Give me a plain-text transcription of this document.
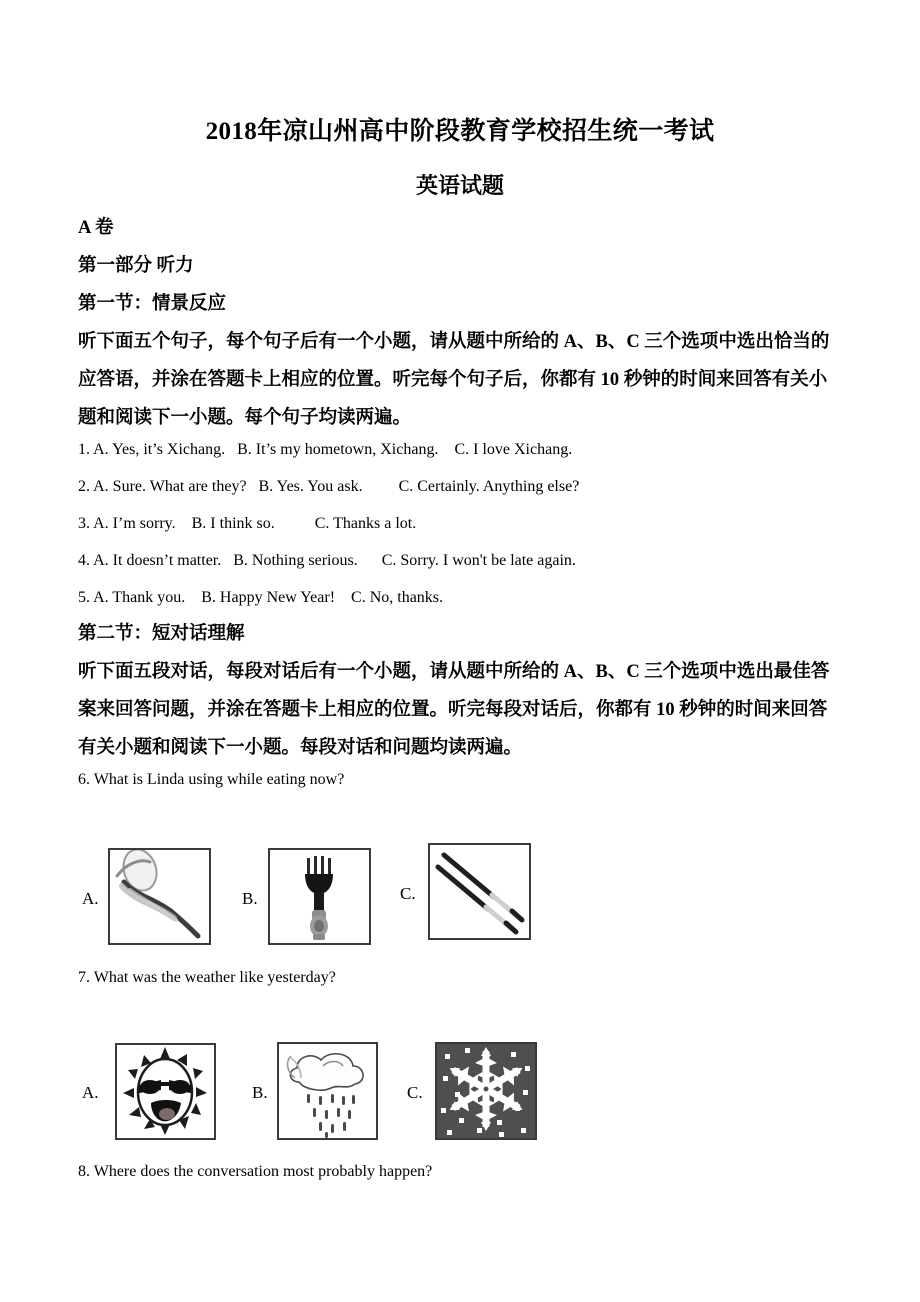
2018年凉山州高中阶段教育学校招生统一考试
英语试题
A 卷
第一部分 听力
第一节：情景反应
听下面五个句子，每个句子后有一个小题，请从题中所给的 A、B、C 三个选项中选出恰当的
应答语，并涂在答题卡上相应的位置。听完每个句子后，你都有 10 秒钟的时间来回答有关小
题和阅读下一小题。每个句子均读两遍。
1. A. Yes, it’s Xichang.   B. It’s my hometown, Xichang.    C. I love Xichang.
2. A. Sure. What are they?   B. Yes. You ask.         C. Certainly. Anything else?
3. A. I’m sorry.    B. I think so.          C. Thanks a lot.
4. A. It doesn’t matter.   B. Nothing serious.      C. Sorry. I won't be late again.
5. A. Thank you.    B. Happy New Year!    C. No, thanks.
第二节：短对话理解
听下面五段对话，每段对话后有一个小题，请从题中所给的 A、B、C 三个选项中选出最佳答
案来回答问题，并涂在答题卡上相应的位置。听完每段对话后，你都有 10 秒钟的时间来回答
有关小题和阅读下一小题。每段对话和问题均读两遍。
6. What is Linda using while eating now?
A.	B.	C.
7. What was the weather like yesterday?
A.	B.	C.
8. Where does the conversation most probably happen?
